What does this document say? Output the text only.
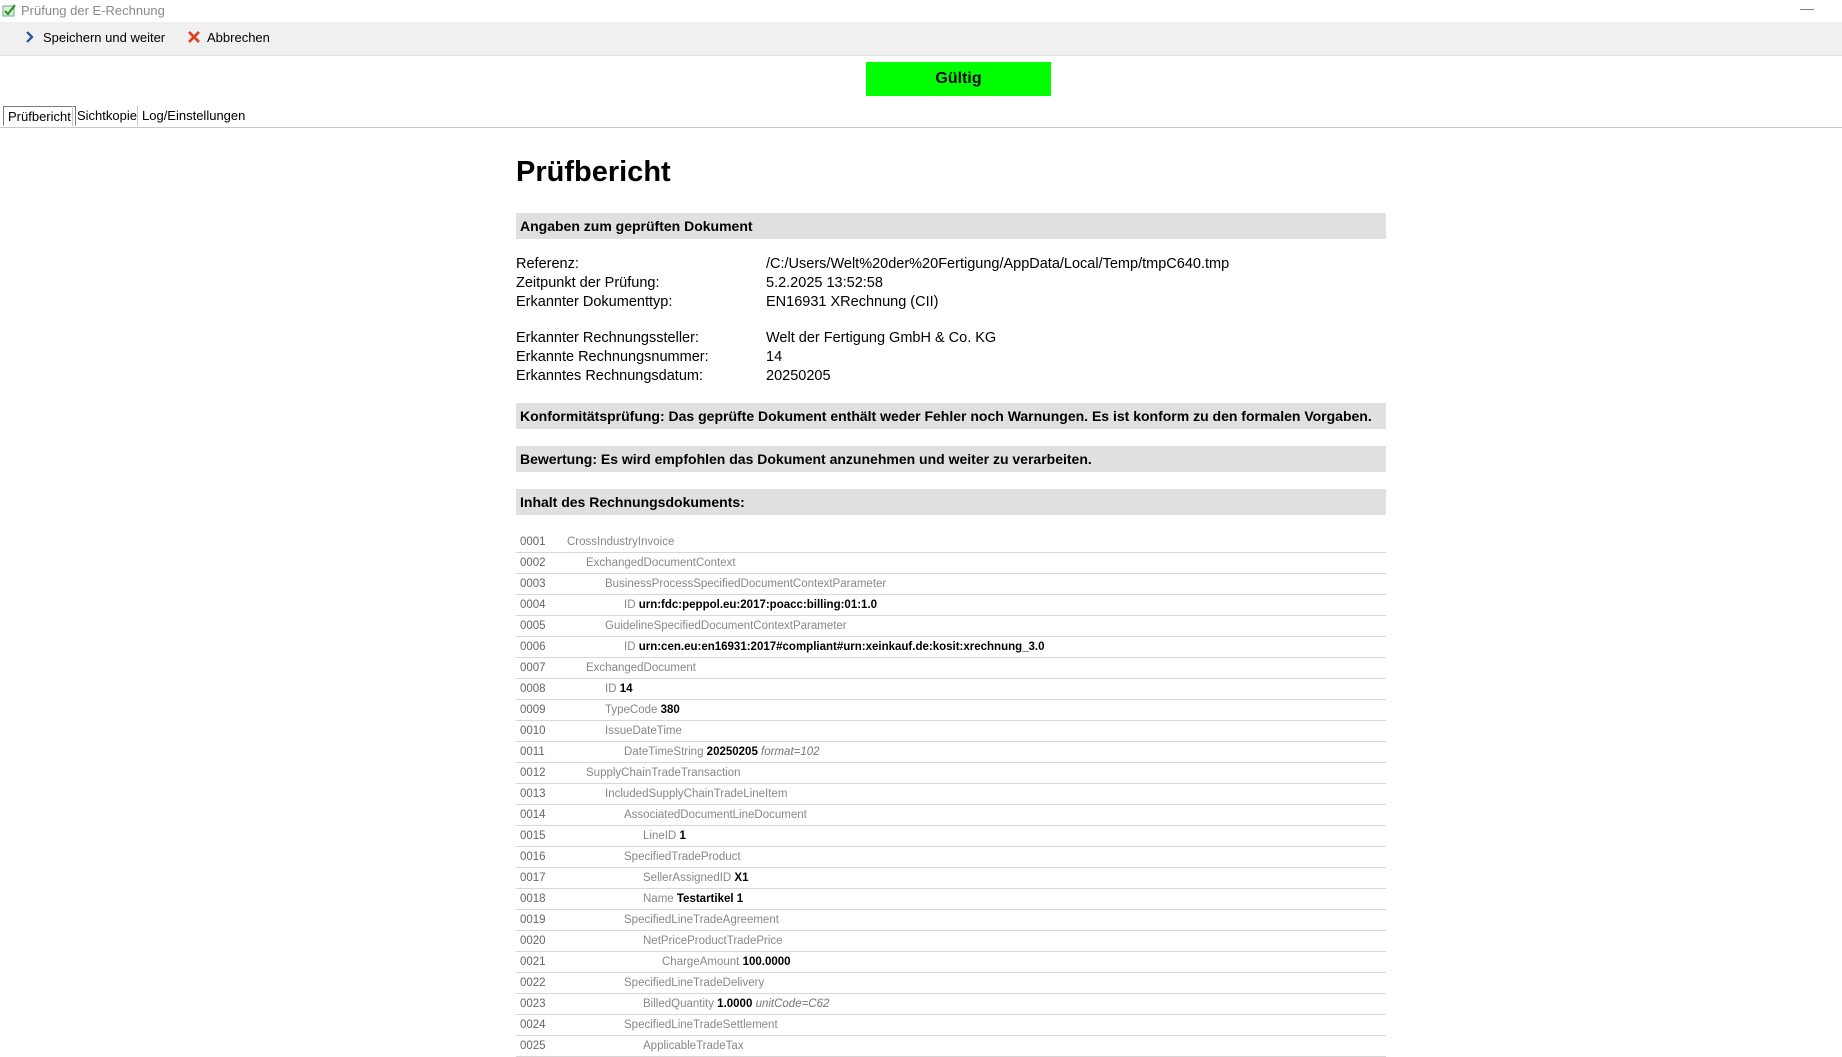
Prüfung der E-Rechnung	—
Speichern und weiter	Abbrechen
Gültig
Prüfbericht Sichtkopie Log/Einstellungen
Prüfbericht
Angaben zum geprüften Dokument
Referenz:	/C:/Users/Welt%20der%20Fertigung/AppData/Local/Temp/tmpC640.tmp
Zeitpunkt der Prüfung:	5.2.2025 13:52:58
Erkannter Dokumenttyp:	EN16931 XRechnung (CII)
Erkannter Rechnungssteller:	Welt der Fertigung GmbH & Co. KG
Erkannte Rechnungsnummer:	14
Erkanntes Rechnungsdatum:	20250205
Konformitätsprüfung: Das geprüfte Dokument enthält weder Fehler noch Warnungen. Es ist konform zu den formalen Vorgaben.
Bewertung: Es wird empfohlen das Dokument anzunehmen und weiter zu verarbeiten.
Inhalt des Rechnungsdokuments:
0001 CrossIndustryInvoice
0002	ExchangedDocumentContext
0003	BusinessProcessSpecifiedDocumentContextParameter
0004	ID urn:fdc:peppol.eu:2017:poacc:billing:01:1.0
0005	GuidelineSpecifiedDocumentContextParameter
0006	ID urn:cen.eu:en16931:2017#compliant#urn:xeinkauf.de:kosit:xrechnung_3.0
0007	ExchangedDocument
0008	ID 14
0009	TypeCode 380
0010	IssueDateTime
0011	DateTimeString 20250205 format=102
0012	SupplyChainTradeTransaction
0013	IncludedSupplyChainTradeLineItem
0014	AssociatedDocumentLineDocument
0015	LineID 1
0016	SpecifiedTradeProduct
0017	SellerAssignedID X1
0018	Name Testartikel 1
0019	SpecifiedLineTradeAgreement
0020	NetPriceProductTradePrice
0021	ChargeAmount 100.0000
0022	SpecifiedLineTradeDelivery
0023	BilledQuantity 1.0000 unitCode=C62
0024	SpecifiedLineTradeSettlement
0025	ApplicableTradeTax
